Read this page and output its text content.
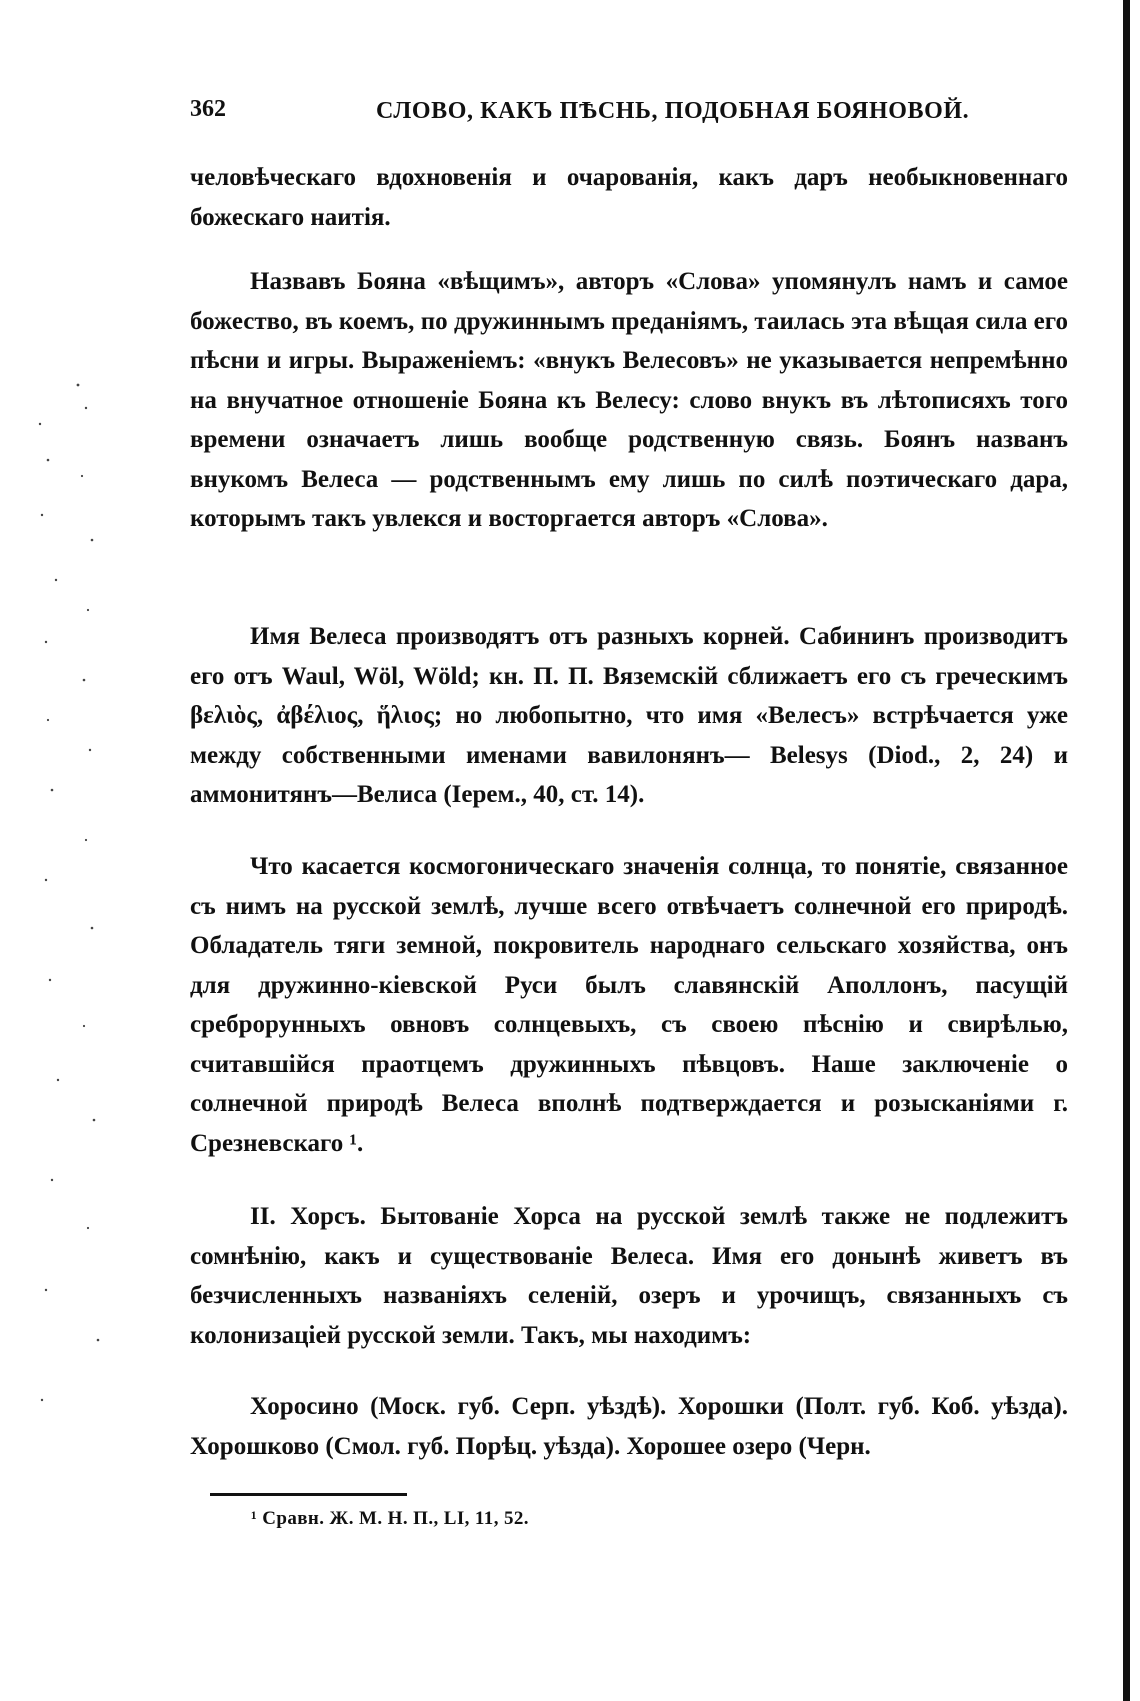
362	СЛОВО, КАКЪ ПѢСНЬ, ПОДОБНАЯ БОЯНОВОЙ.

человѣческаго вдохновенія и очарованія, какъ даръ необыкновеннаго божескаго наитія.

Назвавъ Бояна «вѣщимъ», авторъ «Слова» упомянулъ намъ и самое божество, въ коемъ, по дружиннымъ преданіямъ, таилась эта вѣщая сила его пѣсни и игры. Выраженіемъ: «внукъ Велесовъ» не указывается непремѣнно на внучатное отношеніе Бояна къ Велесу: слово внукъ въ лѣтописяхъ того времени означаетъ лишь вообще родственную связь. Боянъ названъ внукомъ Велеса — родственнымъ ему лишь по силѣ поэтическаго дара, которымъ такъ увлекся и восторгается авторъ «Слова».

Имя Велеса производятъ отъ разныхъ корней. Сабининъ производитъ его отъ Waul, Wöl, Wöld; кн. П. П. Вяземскій сближаетъ его съ греческимъ βελιὸς, ἀβέλιος, ἥλιος; но любопытно, что имя «Велесъ» встрѣчается уже между собственными именами вавилонянъ— Belesys (Diod., 2, 24) и аммонитянъ—Велиса (Іерем., 40, ст. 14).

Что касается космогоническаго значенія солнца, то понятіе, связанное съ нимъ на русской землѣ, лучше всего отвѣчаетъ солнечной его природѣ. Обладатель тяги земной, покровитель народнаго сельскаго хозяйства, онъ для дружинно-кіевской Руси былъ славянскій Аполлонъ, пасущій среброрунныхъ овновъ солнцевыхъ, съ своею пѣснію и свирѣлью, считавшійся праотцемъ дружинныхъ пѣвцовъ. Наше заключеніе о солнечной природѣ Велеса вполнѣ подтверждается и розысканіями г. Срезневскаго ¹.

II. Хорсъ. Бытованіе Хорса на русской землѣ также не подлежитъ сомнѣнію, какъ и существованіе Велеса. Имя его донынѣ живетъ въ безчисленныхъ названіяхъ селеній, озеръ и урочищъ, связанныхъ съ колонизаціей русской земли. Такъ, мы находимъ:

Хоросино (Моск. губ. Серп. уѣздѣ). Хорошки (Полт. губ. Коб. уѣзда). Хорошково (Смол. губ. Порѣц. уѣзда). Хорошее озеро (Черн.

¹ Сравн. Ж. М. Н. П., LI, 11, 52.
